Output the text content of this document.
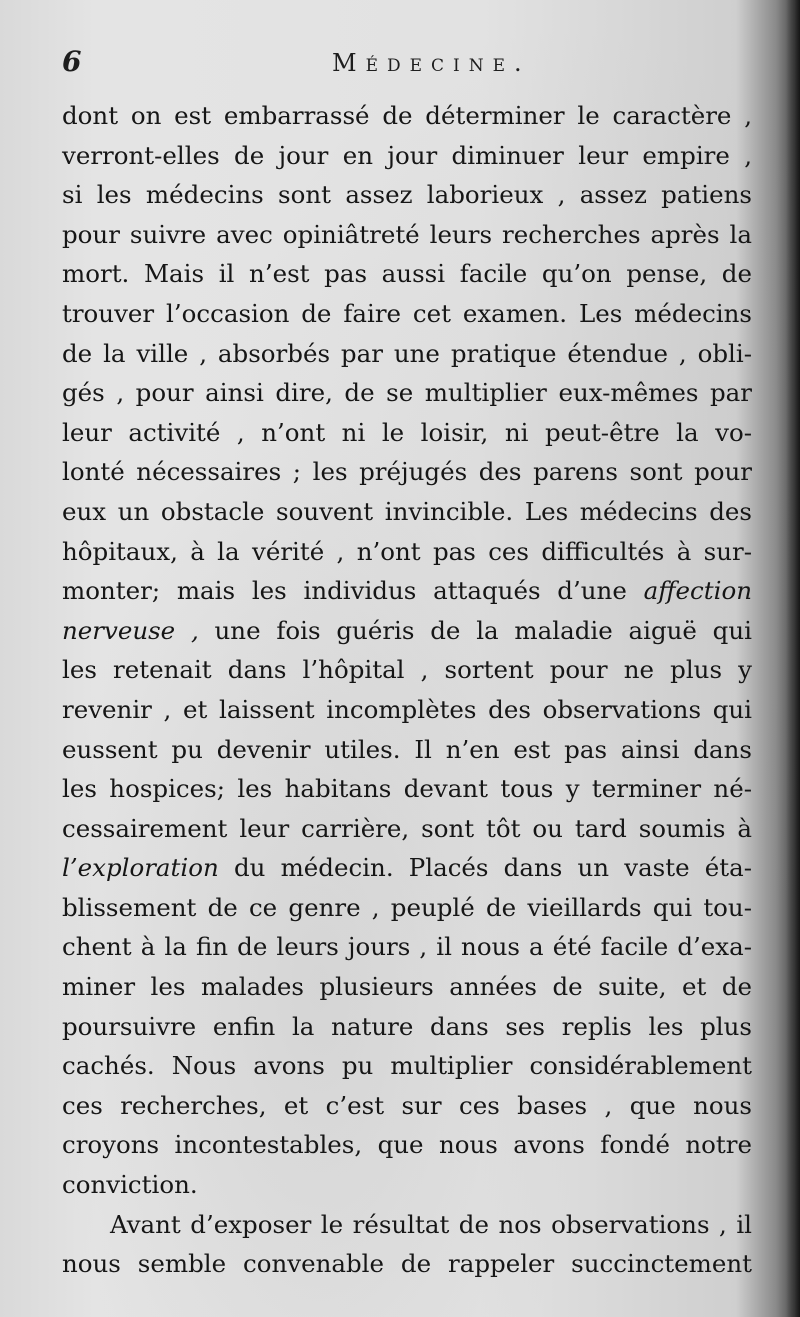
6	Médecine.
dont on est embarrassé de déterminer le caractère ,
verront-elles de jour en jour diminuer leur empire ,
si les médecins sont assez laborieux , assez patiens
pour suivre avec opiniâtreté leurs recherches après la
mort. Mais il n’est pas aussi facile qu’on pense, de
trouver l’occasion de faire cet examen. Les médecins
de la ville , absorbés par une pratique étendue , obli-
gés , pour ainsi dire, de se multiplier eux-mêmes par
leur activité , n’ont ni le loisir, ni peut-être la vo-
lonté nécessaires ; les préjugés des parens sont pour
eux un obstacle souvent invincible. Les médecins des
hôpitaux, à la vérité , n’ont pas ces difficultés à sur-
monter; mais les individus attaqués d’une affection
nerveuse , une fois guéris de la maladie aiguë qui
les retenait dans l’hôpital , sortent pour ne plus y
revenir , et laissent incomplètes des observations qui
eussent pu devenir utiles. Il n’en est pas ainsi dans
les hospices; les habitans devant tous y terminer né-
cessairement leur carrière, sont tôt ou tard soumis à
l’exploration du médecin. Placés dans un vaste éta-
blissement de ce genre , peuplé de vieillards qui tou-
chent à la fin de leurs jours , il nous a été facile d’exa-
miner les malades plusieurs années de suite, et de
poursuivre enfin la nature dans ses replis les plus
cachés. Nous avons pu multiplier considérablement
ces recherches, et c’est sur ces bases , que nous
croyons incontestables, que nous avons fondé notre
conviction.
Avant d’exposer le résultat de nos observations , il
nous semble convenable de rappeler succinctement
